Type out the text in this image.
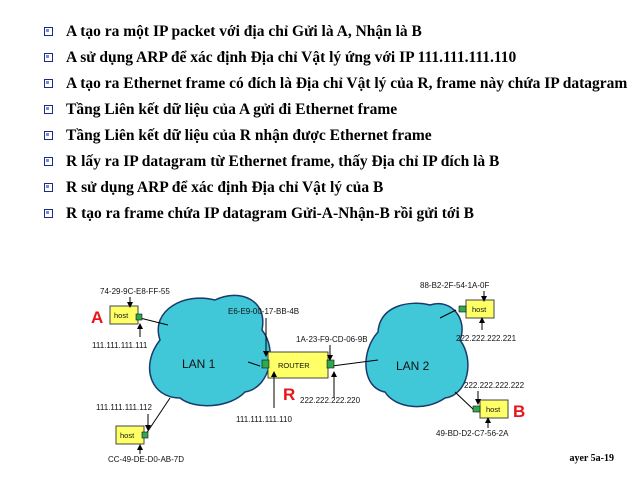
A tạo ra một IP packet với địa chỉ Gửi là A, Nhận là B
A sử dụng ARP để xác định Địa chỉ Vật lý ứng với IP 111.111.111.110
A tạo ra Ethernet frame có đích là Địa chỉ Vật lý của R, frame này chứa IP datagram
Tầng Liên kết dữ liệu của A gửi đi Ethernet frame
Tầng Liên kết dữ liệu của R nhận được Ethernet frame
R lấy ra IP datagram từ Ethernet frame, thấy Địa chỉ IP đích là B
R sử dụng ARP để xác định Địa chỉ Vật lý của B
R tạo ra frame chứa IP datagram Gửi-A-Nhận-B rồi gửi tới B
LAN 1	LAN 2
host
74-29-9C-E8-FF-55
111.111.111.111
A
host
111.111.111.112
CC-49-DE-D0-AB-7D
ROUTER
E6-E9-00-17-BB-4B
111.111.111.110
1A-23-F9-CD-06-9B
222.222.222.220
R
host
88-B2-2F-54-1A-0F
222.222.222.221
host
222.222.222.222
49-BD-D2-C7-56-2A
B
ayer 5a-19
